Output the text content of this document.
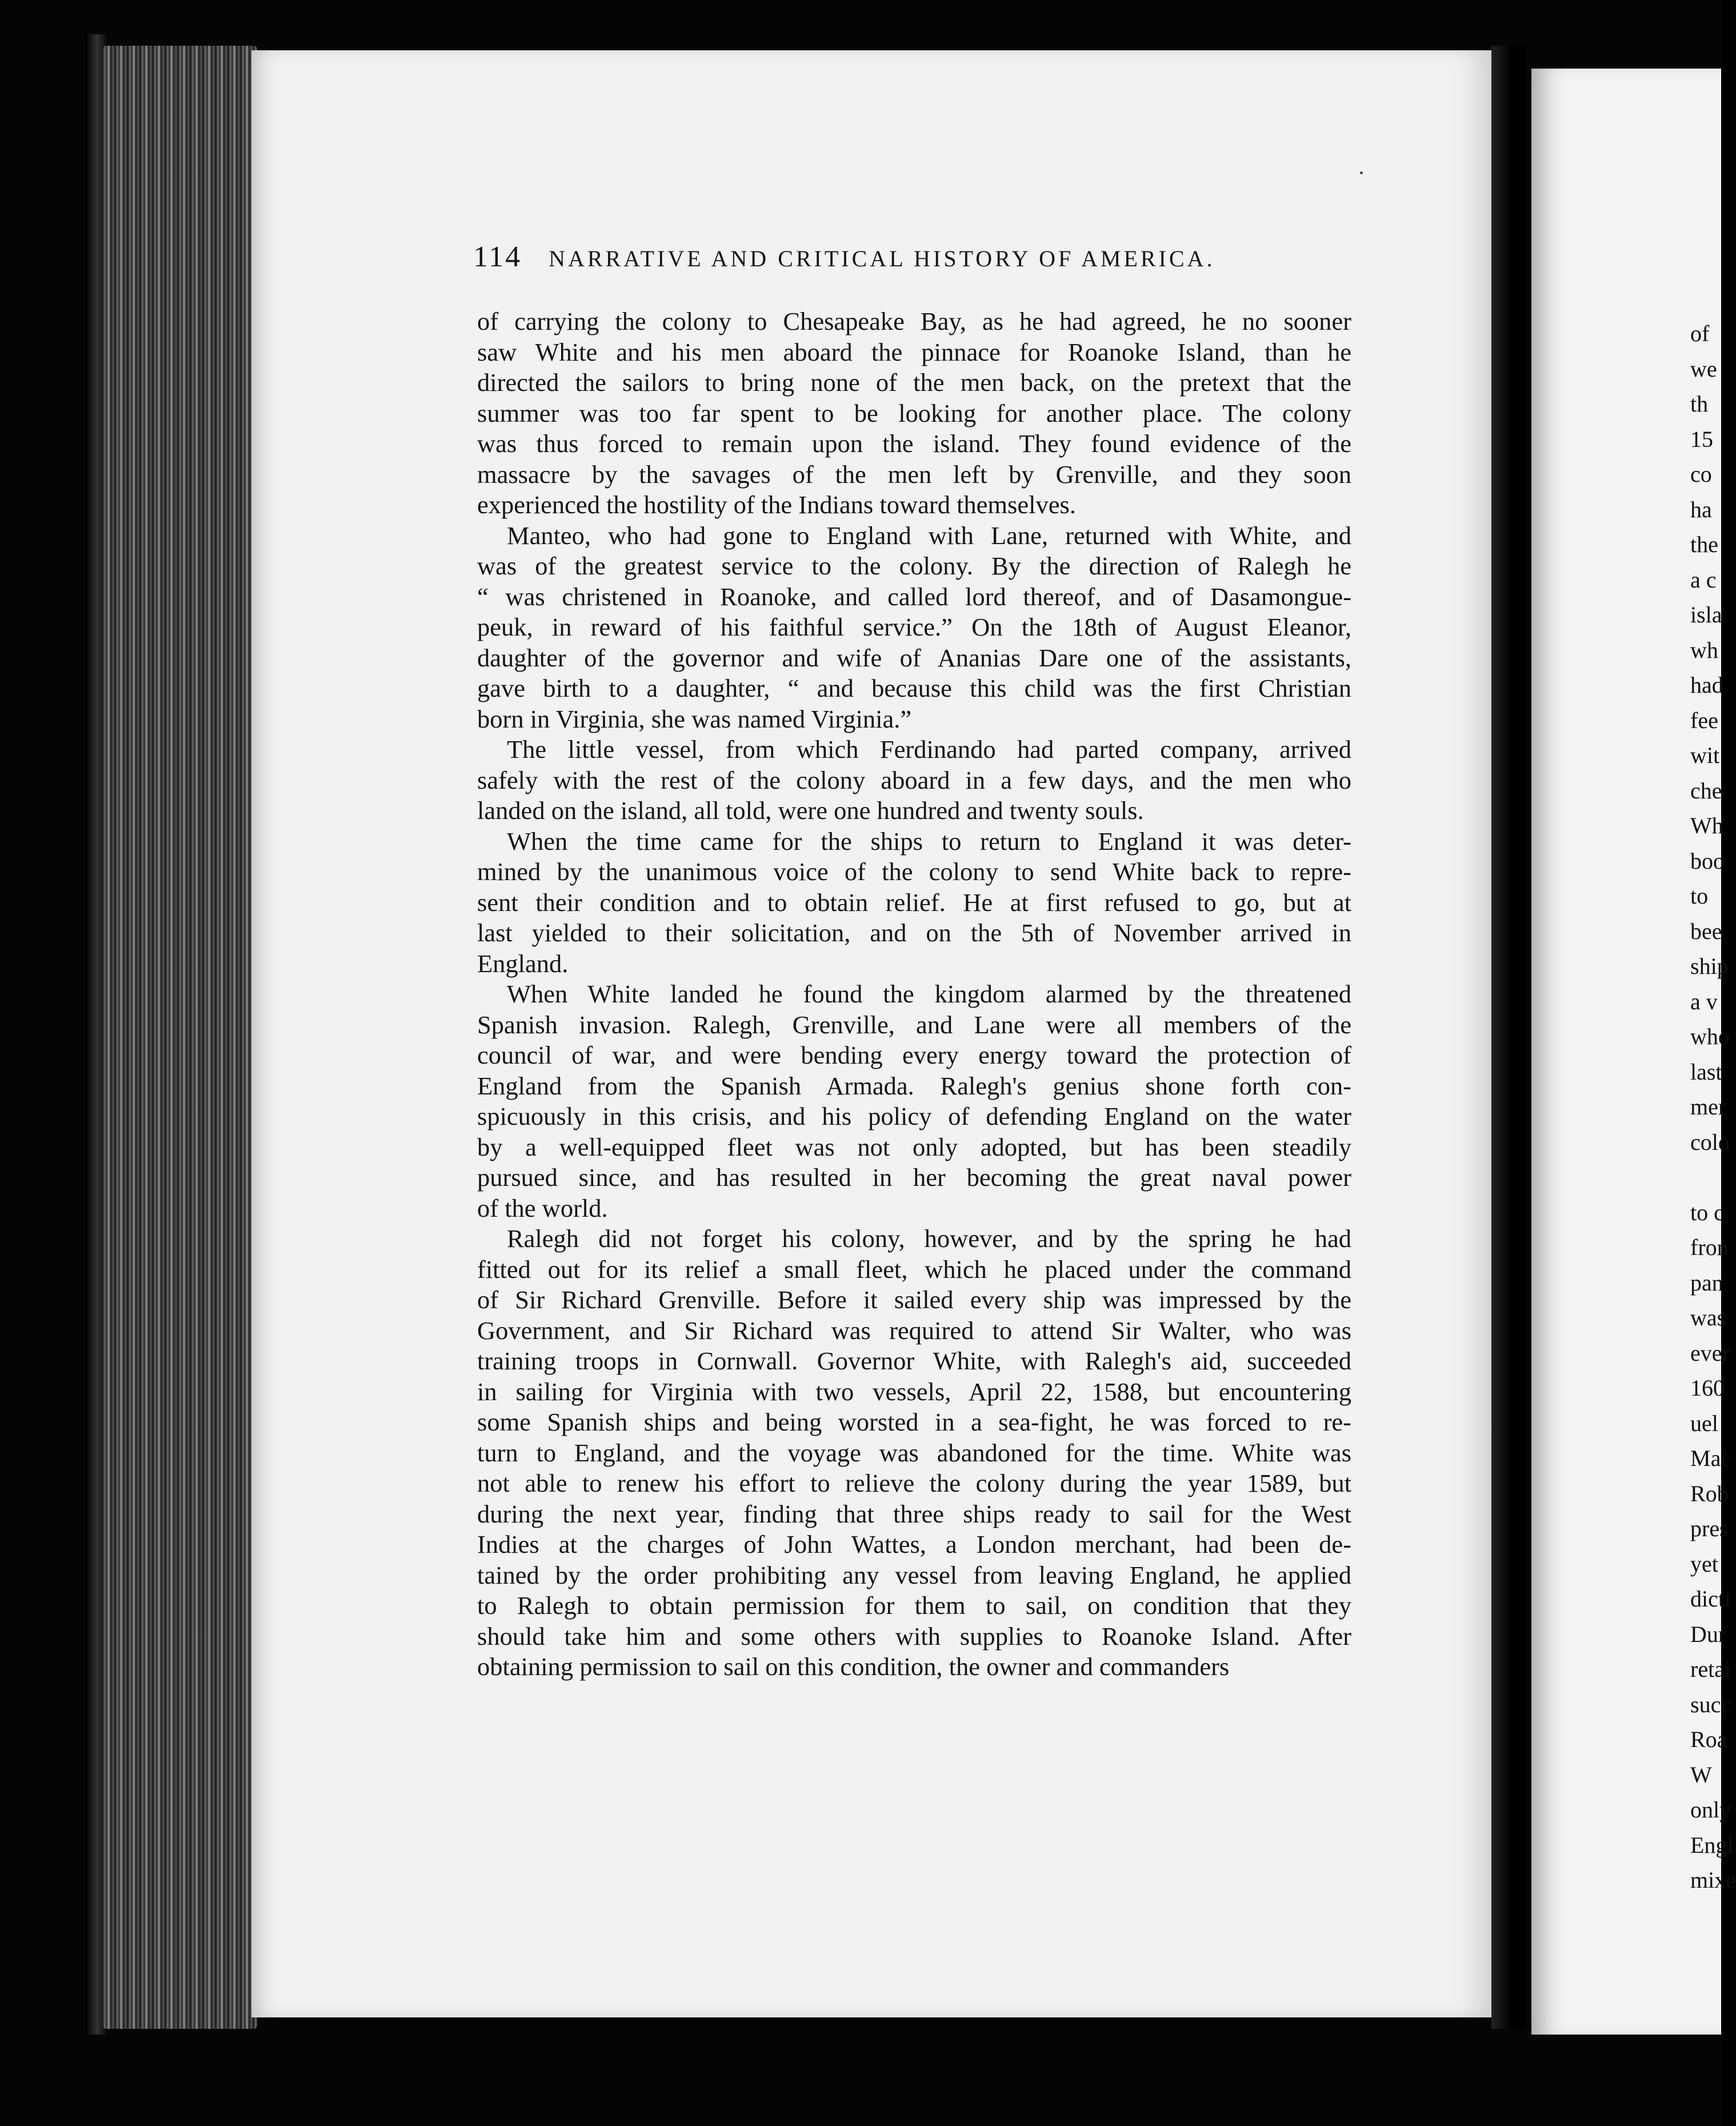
114 NARRATIVE AND CRITICAL HISTORY OF AMERICA.
of carrying the colony to Chesapeake Bay, as he had agreed, he no sooner
saw White and his men aboard the pinnace for Roanoke Island, than he
directed the sailors to bring none of the men back, on the pretext that the
summer was too far spent to be looking for another place. The colony
was thus forced to remain upon the island. They found evidence of the
massacre by the savages of the men left by Grenville, and they soon
experienced the hostility of the Indians toward themselves.
Manteo, who had gone to England with Lane, returned with White, and
was of the greatest service to the colony. By the direction of Ralegh he
“ was christened in Roanoke, and called lord thereof, and of Dasamongue-
peuk, in reward of his faithful service.” On the 18th of August Eleanor,
daughter of the governor and wife of Ananias Dare one of the assistants,
gave birth to a daughter, “ and because this child was the first Christian
born in Virginia, she was named Virginia.”
The little vessel, from which Ferdinando had parted company, arrived
safely with the rest of the colony aboard in a few days, and the men who
landed on the island, all told, were one hundred and twenty souls.
When the time came for the ships to return to England it was deter-
mined by the unanimous voice of the colony to send White back to repre-
sent their condition and to obtain relief. He at first refused to go, but at
last yielded to their solicitation, and on the 5th of November arrived in
England.
When White landed he found the kingdom alarmed by the threatened
Spanish invasion. Ralegh, Grenville, and Lane were all members of the
council of war, and were bending every energy toward the protection of
England from the Spanish Armada. Ralegh's genius shone forth con-
spicuously in this crisis, and his policy of defending England on the water
by a well-equipped fleet was not only adopted, but has been steadily
pursued since, and has resulted in her becoming the great naval power
of the world.
Ralegh did not forget his colony, however, and by the spring he had
fitted out for its relief a small fleet, which he placed under the command
of Sir Richard Grenville. Before it sailed every ship was impressed by the
Government, and Sir Richard was required to attend Sir Walter, who was
training troops in Cornwall. Governor White, with Ralegh's aid, succeeded
in sailing for Virginia with two vessels, April 22, 1588, but encountering
some Spanish ships and being worsted in a sea-fight, he was forced to re-
turn to England, and the voyage was abandoned for the time. White was
not able to renew his effort to relieve the colony during the year 1589, but
during the next year, finding that three ships ready to sail for the West
Indies at the charges of John Wattes, a London merchant, had been de-
tained by the order prohibiting any vessel from leaving England, he applied
to Ralegh to obtain permission for them to sail, on condition that they
should take him and some others with supplies to Roanoke Island. After
obtaining permission to sail on this condition, the owner and commanders
of
we
th
15
co
ha
the
a c
isla
wh
had
fee
wit
che
Wh
boo
to
bee
ship
a v
who
last
mer
colo
to c
fron
pan
was
ever
160
uel
Mac
Rob
pres
yet
dicti
Dur
retai
succ
Roa
W
only
Engl
mixe
